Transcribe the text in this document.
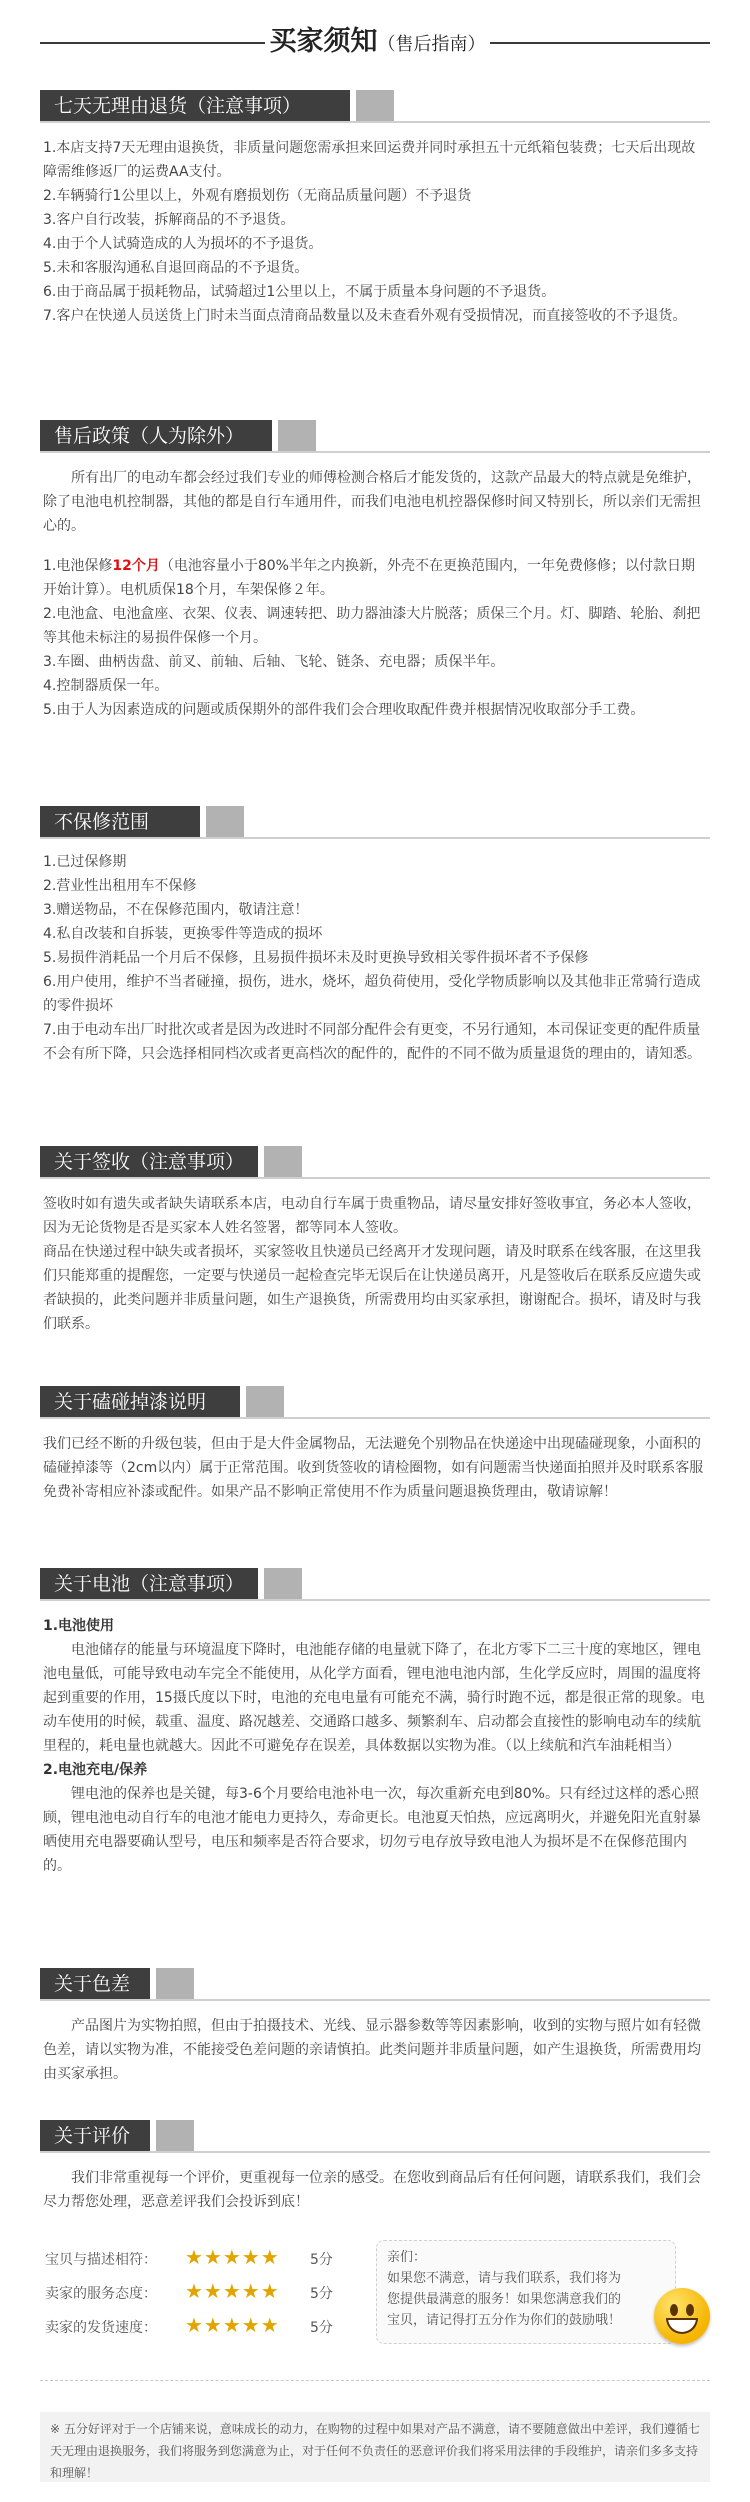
买家须知（售后指南）
七天无理由退货（注意事项）

1.本店支持7天无理由退换货，非质量问题您需承担来回运费并同时承担五十元纸箱包装费；七天后出现故障需维修返厂的运费AA支付。

2.车辆骑行1公里以上，外观有磨损划伤（无商品质量问题）不予退货

3.客户自行改装，拆解商品的不予退货。

4.由于个人试骑造成的人为损坏的不予退货。

5.未和客服沟通私自退回商品的不予退货。

6.由于商品属于损耗物品，试骑超过1公里以上，不属于质量本身问题的不予退货。

7.客户在快递人员送货上门时未当面点清商品数量以及未查看外观有受损情况，而直接签收的不予退货。

售后政策（人为除外）

所有出厂的电动车都会经过我们专业的师傅检测合格后才能发货的，这款产品最大的特点就是免维护，除了电池电机控制器，其他的都是自行车通用件，而我们电池电机控器保修时间又特别长，所以亲们无需担心的。

1.电池保修12个月（电池容量小于80%半年之内换新，外壳不在更换范围内，一年免费修修；以付款日期开始计算）。电机质保18个月，车架保修２年。

2.电池盒、电池盒座、衣架、仪表、调速转把、助力器油漆大片脱落；质保三个月。灯、脚踏、轮胎、刹把等其他未标注的易损件保修一个月。

3.车圈、曲柄齿盘、前叉、前轴、后轴、飞轮、链条、充电器；质保半年。

4.控制器质保一年。

5.由于人为因素造成的问题或质保期外的部件我们会合理收取配件费并根据情况收取部分手工费。

不保修范围

1.已过保修期

2.营业性出租用车不保修

3.赠送物品，不在保修范围内，敬请注意！

4.私自改装和自拆装，更换零件等造成的损坏

5.易损件消耗品一个月后不保修，且易损件损坏未及时更换导致相关零件损坏者不予保修

6.用户使用，维护不当者碰撞，损伤，进水，烧坏，超负荷使用，受化学物质影响以及其他非正常骑行造成的零件损坏

7.由于电动车出厂时批次或者是因为改进时不同部分配件会有更变，不另行通知，本司保证变更的配件质量不会有所下降，只会选择相同档次或者更高档次的配件的，配件的不同不做为质量退货的理由的，请知悉。

关于签收（注意事项）

签收时如有遗失或者缺失请联系本店，电动自行车属于贵重物品，请尽量安排好签收事宜，务必本人签收，因为无论货物是否是买家本人姓名签署，都等同本人签收。

商品在快递过程中缺失或者损坏，买家签收且快递员已经离开才发现问题，请及时联系在线客服，在这里我们只能郑重的提醒您，一定要与快递员一起检查完毕无误后在让快递员离开，凡是签收后在联系反应遗失或者缺损的，此类问题并非质量问题，如生产退换货，所需费用均由买家承担，谢谢配合。损坏，请及时与我们联系。

关于磕碰掉漆说明

我们已经不断的升级包装，但由于是大件金属物品，无法避免个别物品在快递途中出现磕碰现象，小面积的磕碰掉漆等（2cm以内）属于正常范围。收到货签收的请检圈物，如有问题需当快递面拍照并及时联系客服免费补寄相应补漆或配件。如果产品不影响正常使用不作为质量问题退换货理由，敬请谅解！

关于电池（注意事项）

1.电池使用

电池储存的能量与环境温度下降时，电池能存储的电量就下降了，在北方零下二三十度的寒地区，锂电池电量低，可能导致电动车完全不能使用，从化学方面看，锂电池电池内部，生化学反应时，周围的温度将起到重要的作用，15摄氏度以下时，电池的充电电量有可能充不满，骑行时跑不远，都是很正常的现象。电动车使用的时候，载重、温度、路况越差、交通路口越多、频繁刹车、启动都会直接性的影响电动车的续航里程的，耗电量也就越大。因此不可避免存在误差，具体数据以实物为准。（以上续航和汽车油耗相当）

2.电池充电/保养

锂电池的保养也是关键，每3-6个月要给电池补电一次，每次重新充电到80%。只有经过这样的悉心照顾，锂电池电动自行车的电池才能电力更持久，寿命更长。电池夏天怕热，应远离明火，并避免阳光直射暴晒使用充电器要确认型号，电压和频率是否符合要求，切勿亏电存放导致电池人为损坏是不在保修范围内的。

关于色差

产品图片为实物拍照，但由于拍摄技术、光线、显示器参数等等因素影响，收到的实物与照片如有轻微色差，请以实物为准，不能接受色差问题的亲请慎拍。此类问题并非质量问题，如产生退换货，所需费用均由买家承担。

关于评价

我们非常重视每一个评价，更重视每一位亲的感受。在您收到商品后有任何问题，请联系我们，我们会尽力帮您处理，恶意差评我们会投诉到底！

宝贝与描述相符： ★★★★★ 5分
卖家的服务态度： ★★★★★ 5分
卖家的发货速度： ★★★★★ 5分
亲们：
如果您不满意，请与我们联系，我们将为您提供最满意的服务！如果您满意我们的宝贝，请记得打五分作为你们的鼓励哦！
※ 五分好评对于一个店铺来说，意味成长的动力，在购物的过程中如果对产品不满意，请不要随意做出中差评，我们遵循七天无理由退换服务，我们将服务到您满意为止，对于任何不负责任的恶意评价我们将采用法律的手段维护，请亲们多多支持和理解！
